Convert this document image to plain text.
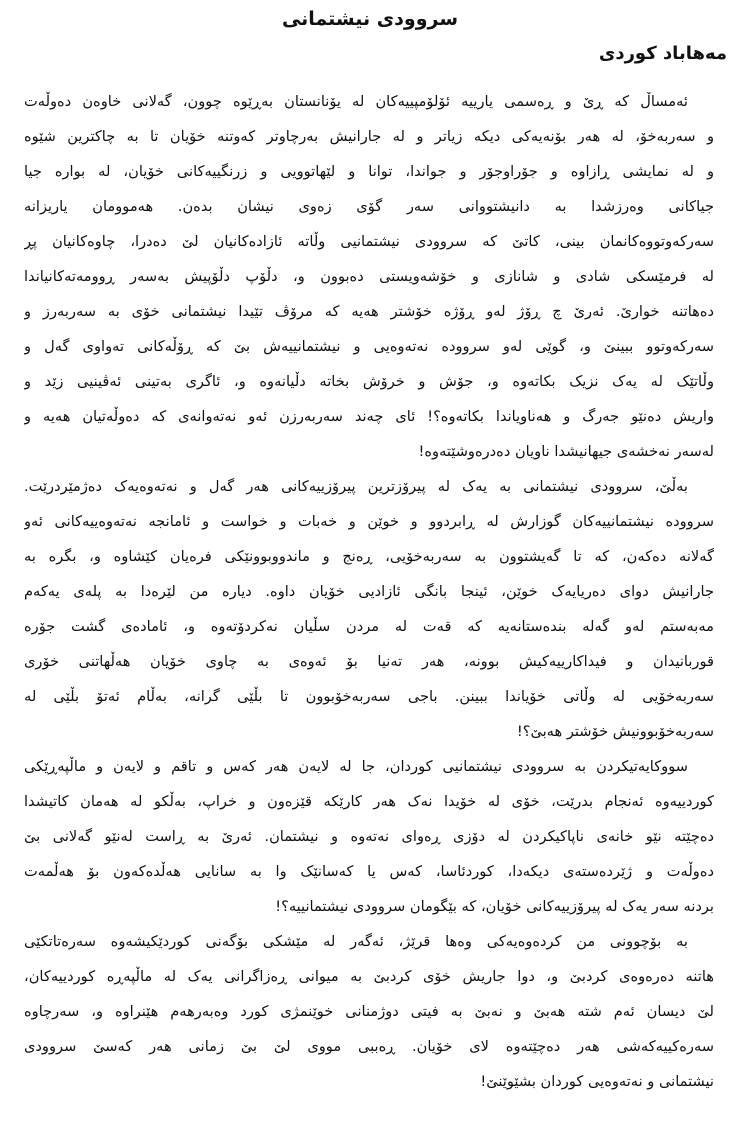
سروودی نیشتمانی
مەهاباد کوردی
ئەمساڵ کە ڕێ و ڕەسمی یارییە ئۆلۆمپییەکان لە یۆنانستان بەڕێوە چوون، گەلانی خاوەن دەوڵەت
و سەربەخۆ، لە هەر بۆنەیەکی دیکە زیاتر و لە جارانیش بەرچاوتر کەوتنە خۆیان تا بە چاکترین شێوە
و لە نمایشی ڕازاوە و جۆراوجۆر و جواندا، توانا و لێهاتوویی و زرنگییەکانی خۆیان، لە بوارە جیا
جیاکانی وەرزشدا بە دانیشتووانی سەر گۆی زەوی نیشان بدەن. هەموومان یاریزانە
سەرکەوتووەکانمان بینی، کاتێ کە سروودی نیشتمانیی وڵاتە ئازادەکانیان لێ دەدرا، چاوەکانیان پڕ
لە فرمێسکی شادی و شانازی و خۆشەویستی دەبوون و، دڵۆپ دڵۆپیش بەسەر ڕوومەتەکانیاندا
دەهاتنە خوارێ. ئەرێ چ ڕۆژ لەو ڕۆژە خۆشتر هەیە کە مرۆڤ تێیدا نیشتمانی خۆی بە سەربەرز و
سەرکەوتوو ببینێ و، گوێی لەو سروودە نەتەوەیی و نیشتمانییەش بێ کە ڕۆڵەکانی تەواوی گەل و
وڵاتێک لە یەک نزیک بکاتەوە و، جۆش و خرۆش بخاتە دڵیانەوە و، ئاگری بەتینی ئەڤینیی زێد و
واریش دەنێو جەرگ و هەناویاندا بکاتەوە؟! ئای چەند سەربەرزن ئەو نەتەوانەی کە دەوڵەتیان هەیە و
لەسەر نەخشەی جیهانیشدا ناویان دەدرەوشێتەوە!
بەڵێ، سروودی نیشتمانی بە یەک لە پیرۆزترین پیرۆزییەکانی هەر گەل و نەتەوەیەک دەژمێردرێت.
سروودە نیشتمانییەکان گوزارش لە ڕابردوو و خوێن و خەبات و خواست و ئامانجە نەتەوەییەکانی ئەو
گەلانە دەکەن، کە تا گەیشتوون بە سەربەخۆیی، ڕەنج و ماندووبوونێکی فرەیان کێشاوە و، بگرە بە
جارانیش دوای دەریایەک خوێن، ئینجا بانگی ئازادیی خۆیان داوە. دیارە من لێرەدا بە پلەی یەکەم
مەبەستم لەو گەلە بندەستانەیە کە قەت لە مردن سڵیان نەکردۆتەوە و، ئامادەی گشت جۆرە
قوربانیدان و فیداکارییەکیش بوونە، هەر تەنیا بۆ ئەوەی بە چاوی خۆیان هەڵهاتنی خۆری
سەربەخۆیی لە وڵاتی خۆیاندا ببینن. باجی سەربەخۆبوون تا بڵێی گرانە، بەڵام ئەتۆ بڵێی لە
سەربەخۆبوونیش خۆشتر هەبێ؟!
سووکایەتیکردن بە سروودی نیشتمانیی کوردان، جا لە لایەن هەر کەس و تاقم و لایەن و ماڵپەڕێکی
کوردییەوە ئەنجام بدرێت، خۆی لە خۆیدا نەک هەر کارێکە قێزەون و خراپ، بەڵکو لە هەمان کاتیشدا
دەچێتە نێو خانەی ناپاکیکردن لە دۆزی ڕەوای نەتەوە و نیشتمان. ئەرێ بە ڕاست لەنێو گەلانی بێ
دەوڵەت و ژێردەستەی دیکەدا، کوردئاسا، کەس یا کەسانێک وا بە سانایی هەڵدەکەون بۆ هەڵمەت
بردنە سەر یەک لە پیرۆزییەکانی خۆیان، کە بێگومان سروودی نیشتمانییە؟!
بە بۆچوونی من کردەوەیەکی وەها قرێژ، ئەگەر لە مێشکی بۆگەنی کوردێکیشەوە سەرەتاتکێی
هاتنە دەرەوەی کردبێ و، دوا جاریش خۆی کردبێ بە میوانی ڕەزاگرانی یەک لە ماڵپەڕە کوردییەکان،
لێ دیسان ئەم شتە هەبێ و نەبێ بە فیتی دوژمنانی خوێنمژی کورد وەبەرهەم هێنراوە و، سەرچاوە
سەرەکییەکەشی هەر دەچێتەوە لای خۆیان. ڕەببی مووی لێ بێ زمانی هەر کەسێ سروودی
نیشتمانی و نەتەوەیی کوردان بشێوێنێ!
